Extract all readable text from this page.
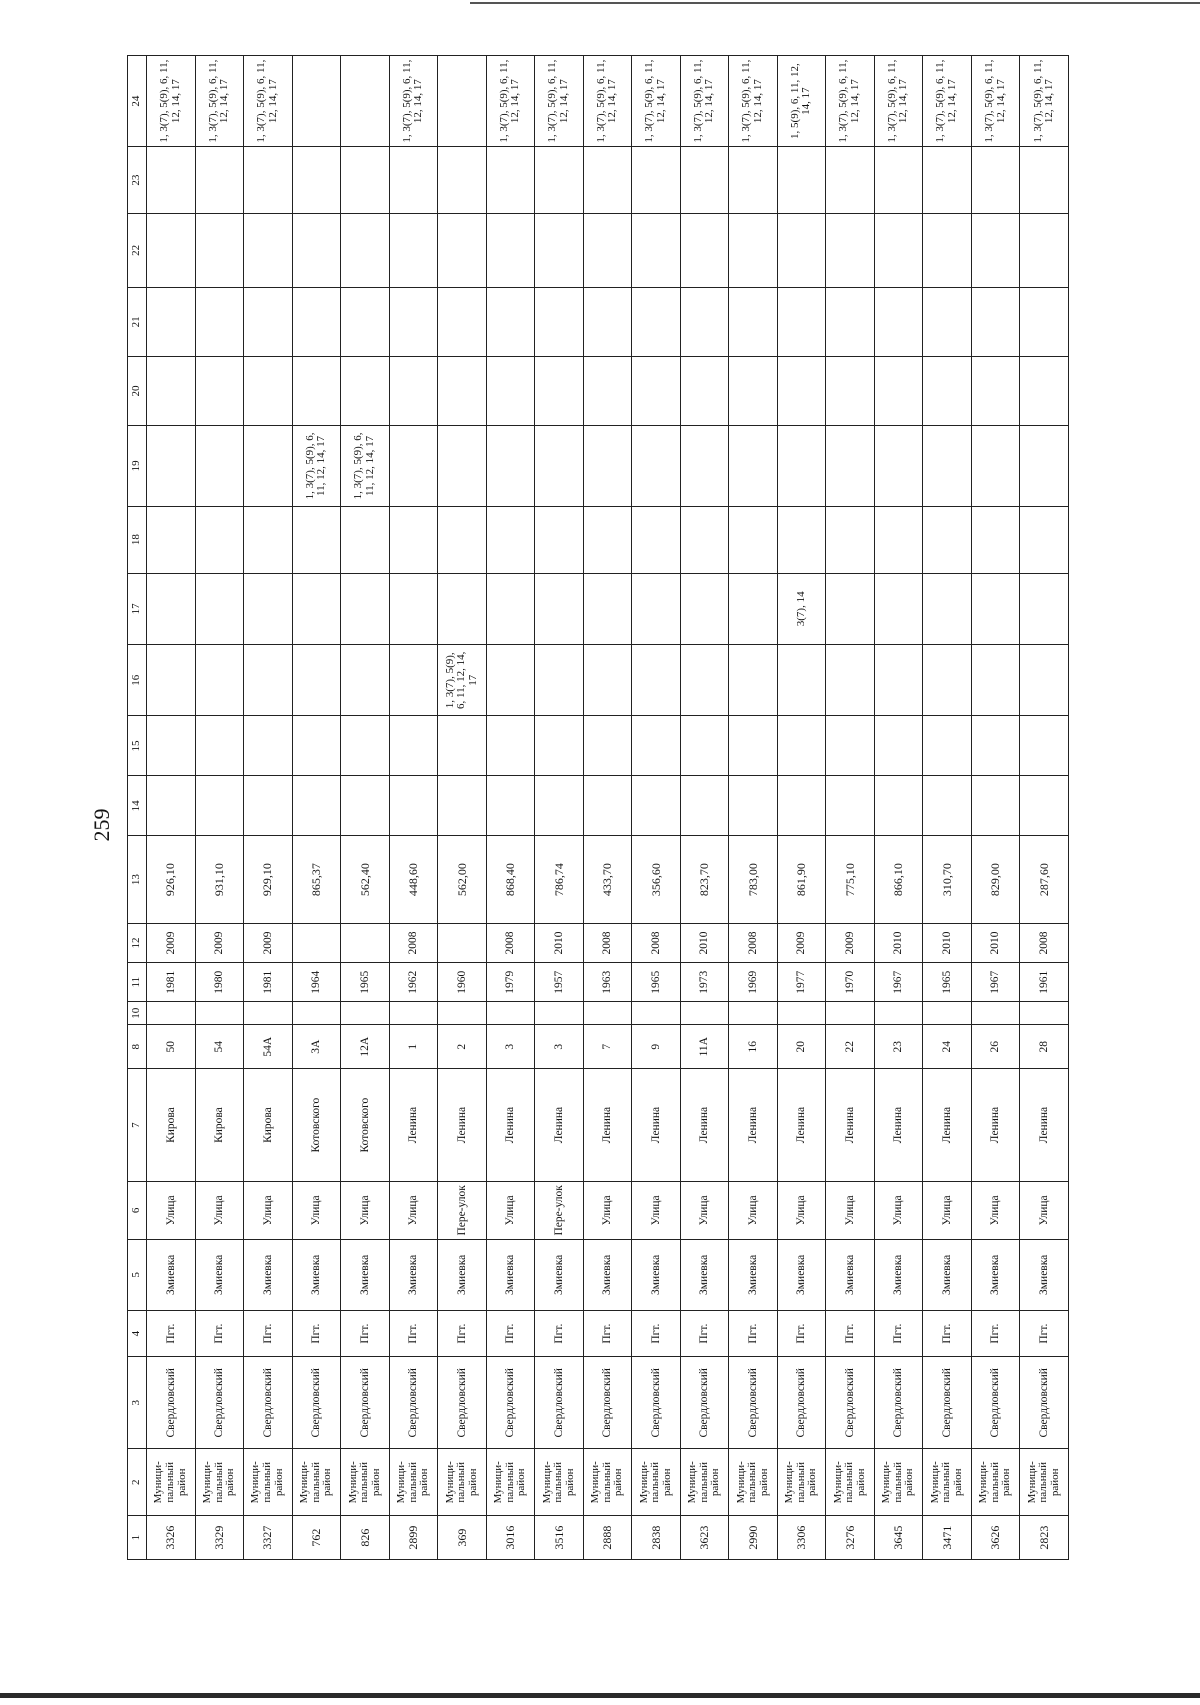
259
1	2	3	4	5	6	7	8	10	11	12	13	14	15	16	17	18	19	20	21	22	23	24
3326	Муници-пальный район	Свердловский	Пгт.	Змиевка	Улица	Кирова	50		1981	2009	926,10											1, 3(7), 5(9), 6, 11, 12, 14, 17
3329	Муници-пальный район	Свердловский	Пгт.	Змиевка	Улица	Кирова	54		1980	2009	931,10											1, 3(7), 5(9), 6, 11, 12, 14, 17
3327	Муници-пальный район	Свердловский	Пгт.	Змиевка	Улица	Кирова	54А		1981	2009	929,10											1, 3(7), 5(9), 6, 11, 12, 14, 17
762	Муници-пальный район	Свердловский	Пгт.	Змиевка	Улица	Котовского	3А		1964		865,37						1, 3(7), 5(9), 6, 11, 12, 14, 17					
826	Муници-пальный район	Свердловский	Пгт.	Змиевка	Улица	Котовского	12А		1965		562,40						1, 3(7), 5(9), 6, 11, 12, 14, 17					
2899	Муници-пальный район	Свердловский	Пгт.	Змиевка	Улица	Ленина	1		1962	2008	448,60											1, 3(7), 5(9), 6, 11, 12, 14, 17
369	Муници-пальный район	Свердловский	Пгт.	Змиевка	Пере-улок	Ленина	2		1960		562,00			1, 3(7), 5(9), 6, 11, 12, 14, 17								
3016	Муници-пальный район	Свердловский	Пгт.	Змиевка	Улица	Ленина	3		1979	2008	868,40											1, 3(7), 5(9), 6, 11, 12, 14, 17
3516	Муници-пальный район	Свердловский	Пгт.	Змиевка	Пере-улок	Ленина	3		1957	2010	786,74											1, 3(7), 5(9), 6, 11, 12, 14, 17
2888	Муници-пальный район	Свердловский	Пгт.	Змиевка	Улица	Ленина	7		1963	2008	433,70											1, 3(7), 5(9), 6, 11, 12, 14, 17
2838	Муници-пальный район	Свердловский	Пгт.	Змиевка	Улица	Ленина	9		1965	2008	356,60											1, 3(7), 5(9), 6, 11, 12, 14, 17
3623	Муници-пальный район	Свердловский	Пгт.	Змиевка	Улица	Ленина	11А		1973	2010	823,70											1, 3(7), 5(9), 6, 11, 12, 14, 17
2990	Муници-пальный район	Свердловский	Пгт.	Змиевка	Улица	Ленина	16		1969	2008	783,00											1, 3(7), 5(9), 6, 11, 12, 14, 17
3306	Муници-пальный район	Свердловский	Пгт.	Змиевка	Улица	Ленина	20		1977	2009	861,90				3(7), 14							1, 5(9), 6, 11, 12, 14, 17
3276	Муници-пальный район	Свердловский	Пгт.	Змиевка	Улица	Ленина	22		1970	2009	775,10											1, 3(7), 5(9), 6, 11, 12, 14, 17
3645	Муници-пальный район	Свердловский	Пгт.	Змиевка	Улица	Ленина	23		1967	2010	866,10											1, 3(7), 5(9), 6, 11, 12, 14, 17
3471	Муници-пальный район	Свердловский	Пгт.	Змиевка	Улица	Ленина	24		1965	2010	310,70											1, 3(7), 5(9), 6, 11, 12, 14, 17
3626	Муници-пальный район	Свердловский	Пгт.	Змиевка	Улица	Ленина	26		1967	2010	829,00											1, 3(7), 5(9), 6, 11, 12, 14, 17
2823	Муници-пальный район	Свердловский	Пгт.	Змиевка	Улица	Ленина	28		1961	2008	287,60											1, 3(7), 5(9), 6, 11, 12, 14, 17
